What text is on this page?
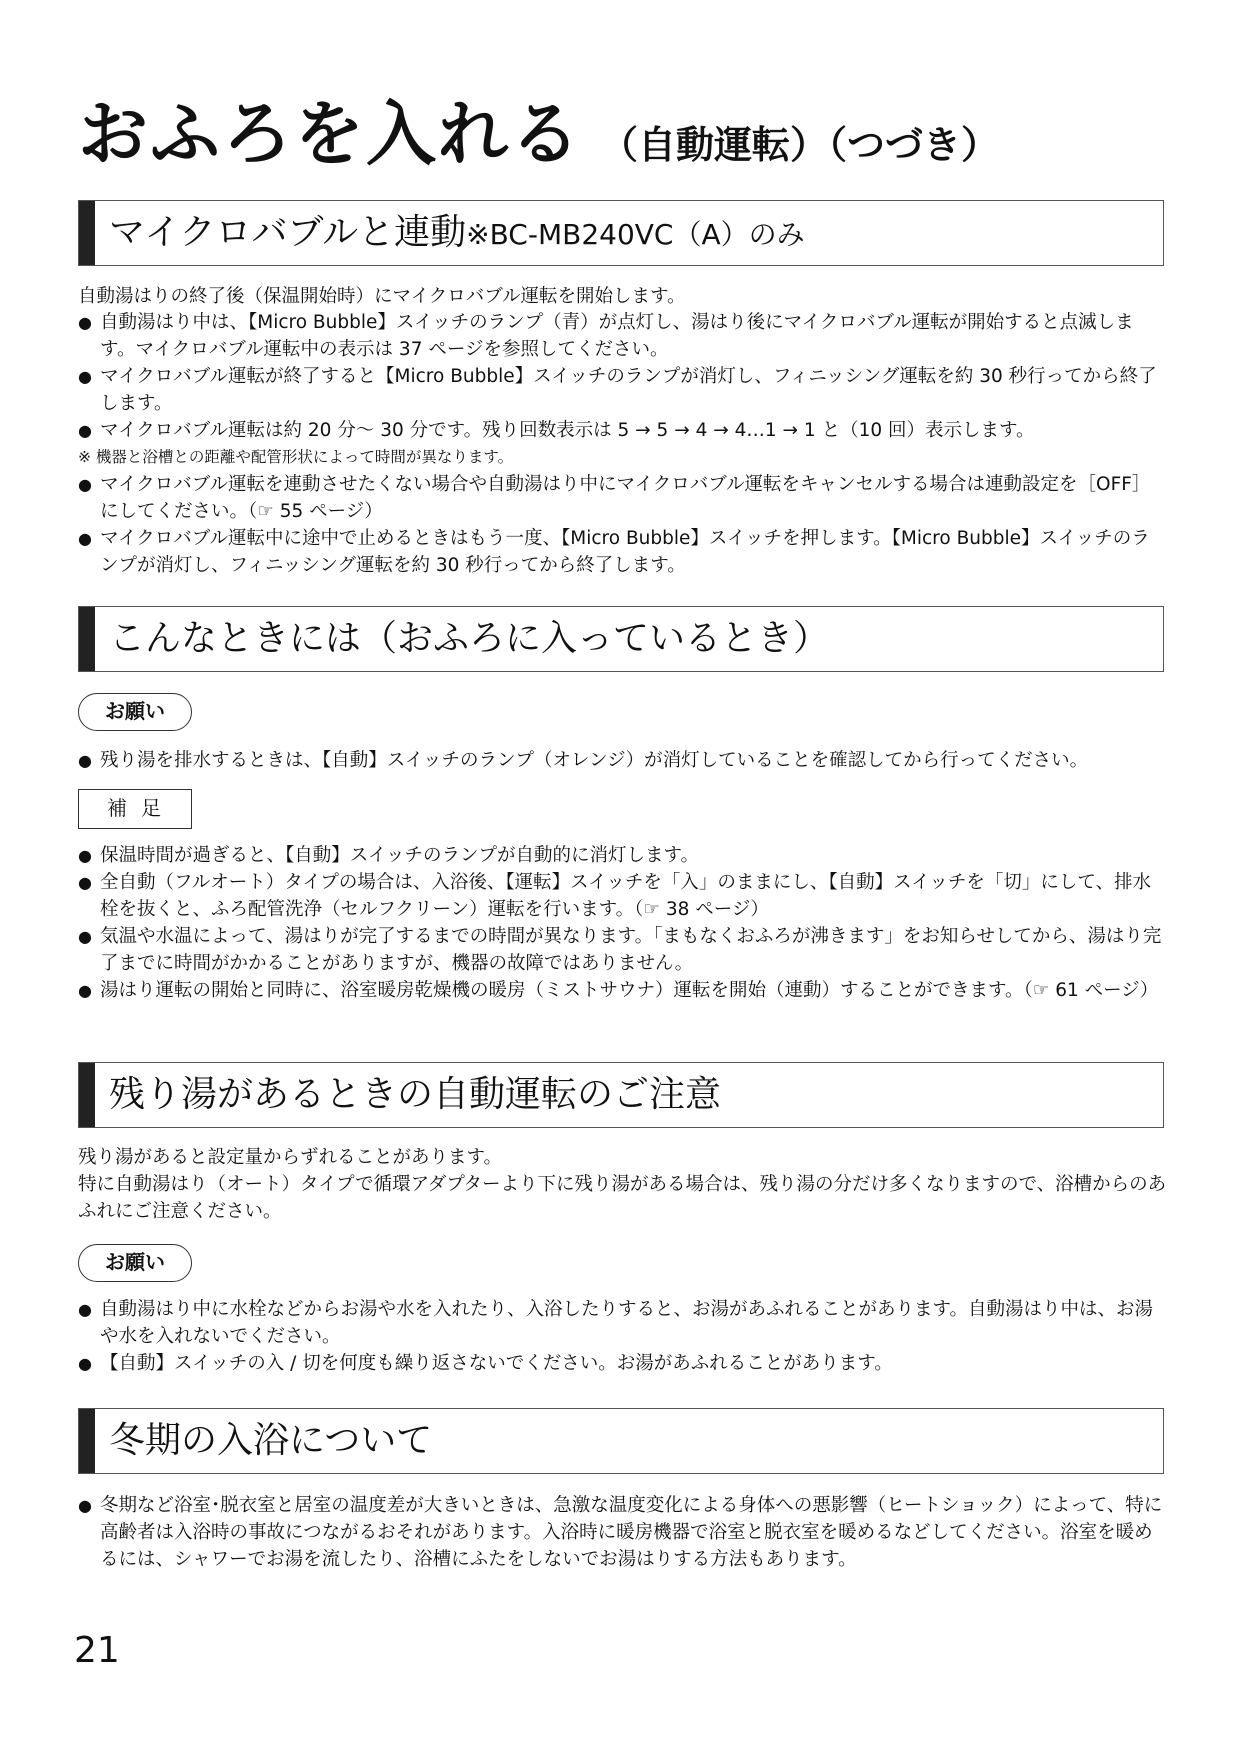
おふろを入れる （自動運転）（つづき）
マイクロバブルと連動※BC-MB240VC（A）のみ
自動湯はりの終了後（保温開始時）にマイクロバブル運転を開始します。
● 自動湯はり中は、【Micro Bubble】スイッチのランプ（青）が点灯し、湯はり後にマイクロバブル運転が開始すると点滅します。マイクロバブル運転中の表示は 37 ページを参照してください。
● マイクロバブル運転が終了すると【Micro Bubble】スイッチのランプが消灯し、フィニッシング運転を約 30 秒行ってから終了します。
● マイクロバブル運転は約 20 分～ 30 分です。残り回数表示は 5 → 5 → 4 → 4…1 → 1 と（10 回）表示します。
※ 機器と浴槽との距離や配管形状によって時間が異なります。
● マイクロバブル運転を連動させたくない場合や自動湯はり中にマイクロバブル運転をキャンセルする場合は連動設定を［OFF］にしてください。（☞ 55 ページ）
● マイクロバブル運転中に途中で止めるときはもう一度、【Micro Bubble】スイッチを押します。【Micro Bubble】スイッチのランプが消灯し、フィニッシング運転を約 30 秒行ってから終了します。
こんなときには（おふろに入っているとき）
お願い
● 残り湯を排水するときは、【自動】スイッチのランプ（オレンジ）が消灯していることを確認してから行ってください。
補足
● 保温時間が過ぎると、【自動】スイッチのランプが自動的に消灯します。
● 全自動（フルオート）タイプの場合は、入浴後、【運転】スイッチを「入」のままにし、【自動】スイッチを「切」にして、排水栓を抜くと、ふろ配管洗浄（セルフクリーン）運転を行います。（☞ 38 ページ）
● 気温や水温によって、湯はりが完了するまでの時間が異なります。「まもなくおふろが沸きます」をお知らせしてから、湯はり完了までに時間がかかることがありますが、機器の故障ではありません。
● 湯はり運転の開始と同時に、浴室暖房乾燥機の暖房（ミストサウナ）運転を開始（連動）することができます。（☞ 61 ページ）
残り湯があるときの自動運転のご注意
残り湯があると設定量からずれることがあります。
特に自動湯はり（オート）タイプで循環アダプターより下に残り湯がある場合は、残り湯の分だけ多くなりますので、浴槽からのあふれにご注意ください。
お願い
● 自動湯はり中に水栓などからお湯や水を入れたり、入浴したりすると、お湯があふれることがあります。自動湯はり中は、お湯や水を入れないでください。
● 【自動】スイッチの入 / 切を何度も繰り返さないでください。お湯があふれることがあります。
冬期の入浴について
● 冬期など浴室･脱衣室と居室の温度差が大きいときは、急激な温度変化による身体への悪影響（ヒートショック）によって、特に高齢者は入浴時の事故につながるおそれがあります。入浴時に暖房機器で浴室と脱衣室を暖めるなどしてください。浴室を暖めるには、シャワーでお湯を流したり、浴槽にふたをしないでお湯はりする方法もあります。
21
